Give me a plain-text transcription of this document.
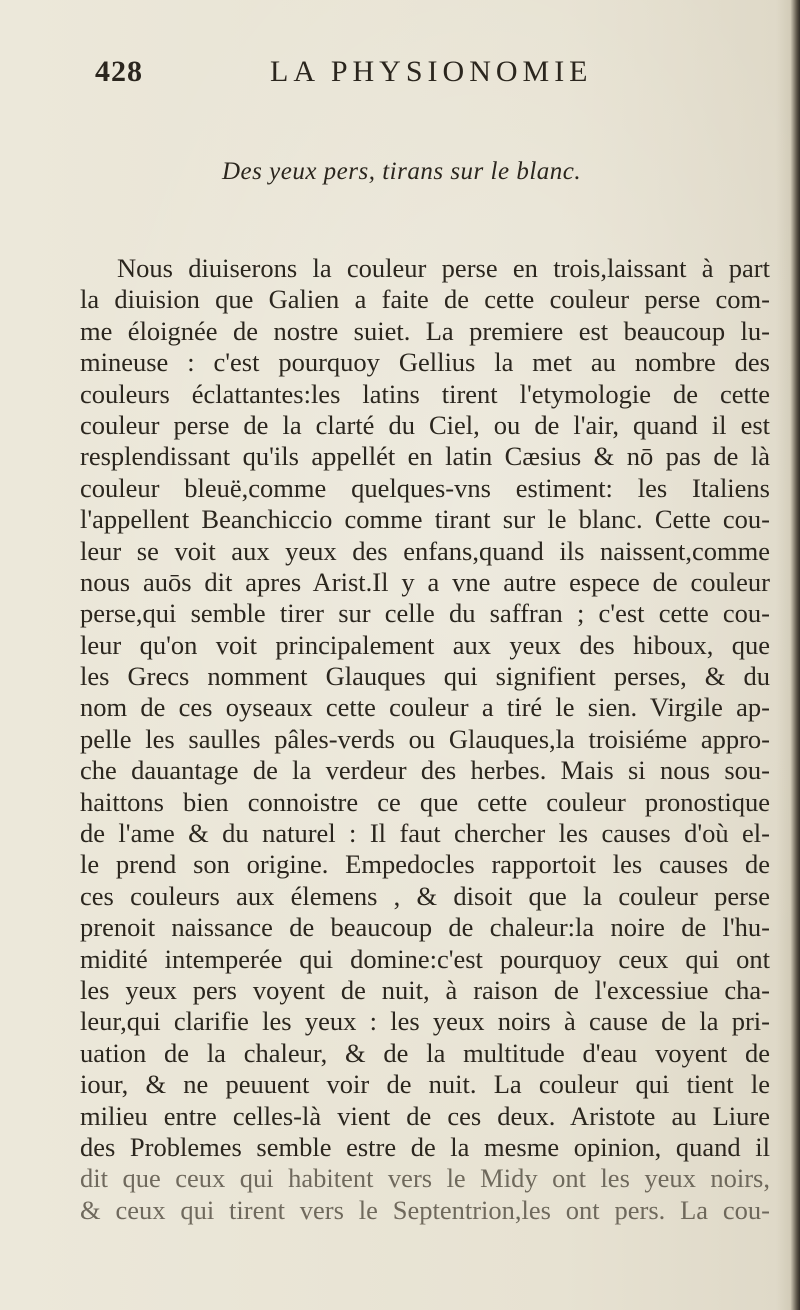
428	LA PHYSIONOMIE
Des yeux pers, tirans sur le blanc.
Nous diuiserons la couleur perse en trois,laissant à part
la diuision que Galien a faite de cette couleur perse com-
me éloignée de nostre suiet. La premiere est beaucoup lu-
mineuse : c'est pourquoy Gellius la met au nombre des
couleurs éclattantes:les latins tirent l'etymologie de cette
couleur perse de la clarté du Ciel, ou de l'air, quand il est
resplendissant qu'ils appellét en latin Cæsius & nō pas de là
couleur bleuë,comme quelques-vns estiment: les Italiens
l'appellent Beanchiccio comme tirant sur le blanc. Cette cou-
leur se voit aux yeux des enfans,quand ils naissent,comme
nous auōs dit apres Arist.Il y a vne autre espece de couleur
perse,qui semble tirer sur celle du saffran ; c'est cette cou-
leur qu'on voit principalement aux yeux des hiboux, que
les Grecs nomment Glauques qui signifient perses, & du
nom de ces oyseaux cette couleur a tiré le sien. Virgile ap-
pelle les saulles pâles-verds ou Glauques,la troisiéme appro-
che dauantage de la verdeur des herbes. Mais si nous sou-
haittons bien connoistre ce que cette couleur pronostique
de l'ame & du naturel : Il faut chercher les causes d'où el-
le prend son origine. Empedocles rapportoit les causes de
ces couleurs aux élemens , & disoit que la couleur perse
prenoit naissance de beaucoup de chaleur:la noire de l'hu-
midité intemperée qui domine:c'est pourquoy ceux qui ont
les yeux pers voyent de nuit, à raison de l'excessiue cha-
leur,qui clarifie les yeux : les yeux noirs à cause de la pri-
uation de la chaleur, & de la multitude d'eau voyent de
iour, & ne peuuent voir de nuit. La couleur qui tient le
milieu entre celles-là vient de ces deux. Aristote au Liure
des Problemes semble estre de la mesme opinion, quand il
dit que ceux qui habitent vers le Midy ont les yeux noirs,
& ceux qui tirent vers le Septentrion,les ont pers. La cou-
